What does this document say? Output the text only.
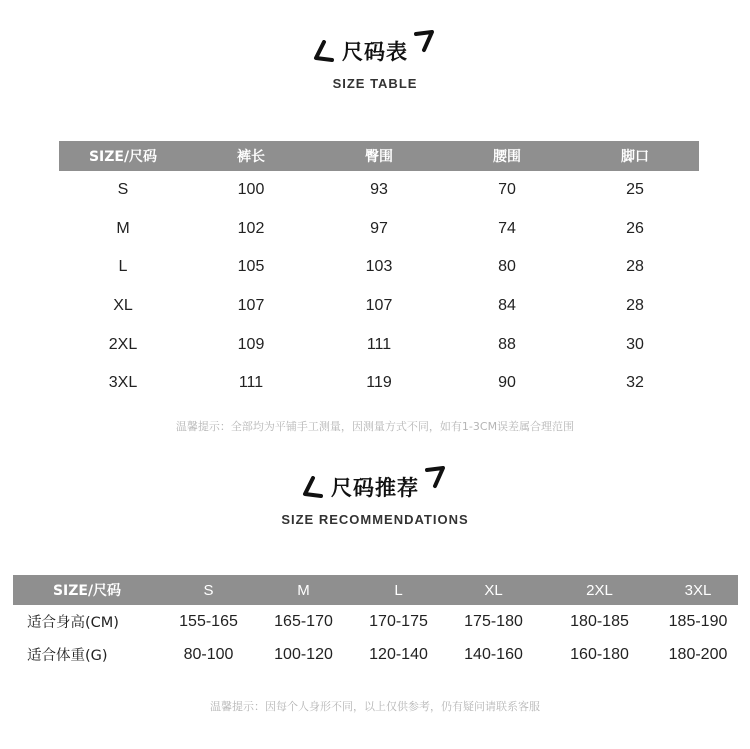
尺码表
SIZE TABLE
SIZE/尺码	裤长	臀围	腰围	脚口
S	100	93	70	25
M	102	97	74	26
L	105	103	80	28
XL	107	107	84	28
2XL	109	111	88	30
3XL	111	119	90	32
温馨提示：全部均为平铺手工测量，因测量方式不同，如有1-3CM误差属合理范围
尺码推荐
SIZE RECOMMENDATIONS
SIZE/尺码	S	M	L	XL	2XL	3XL
适合身高(CM)	155-165	165-170	170-175	175-180	180-185	185-190
适合体重(G)	80-100	100-120	120-140	140-160	160-180	180-200
温馨提示：因每个人身形不同，以上仅供参考，仍有疑问请联系客服
